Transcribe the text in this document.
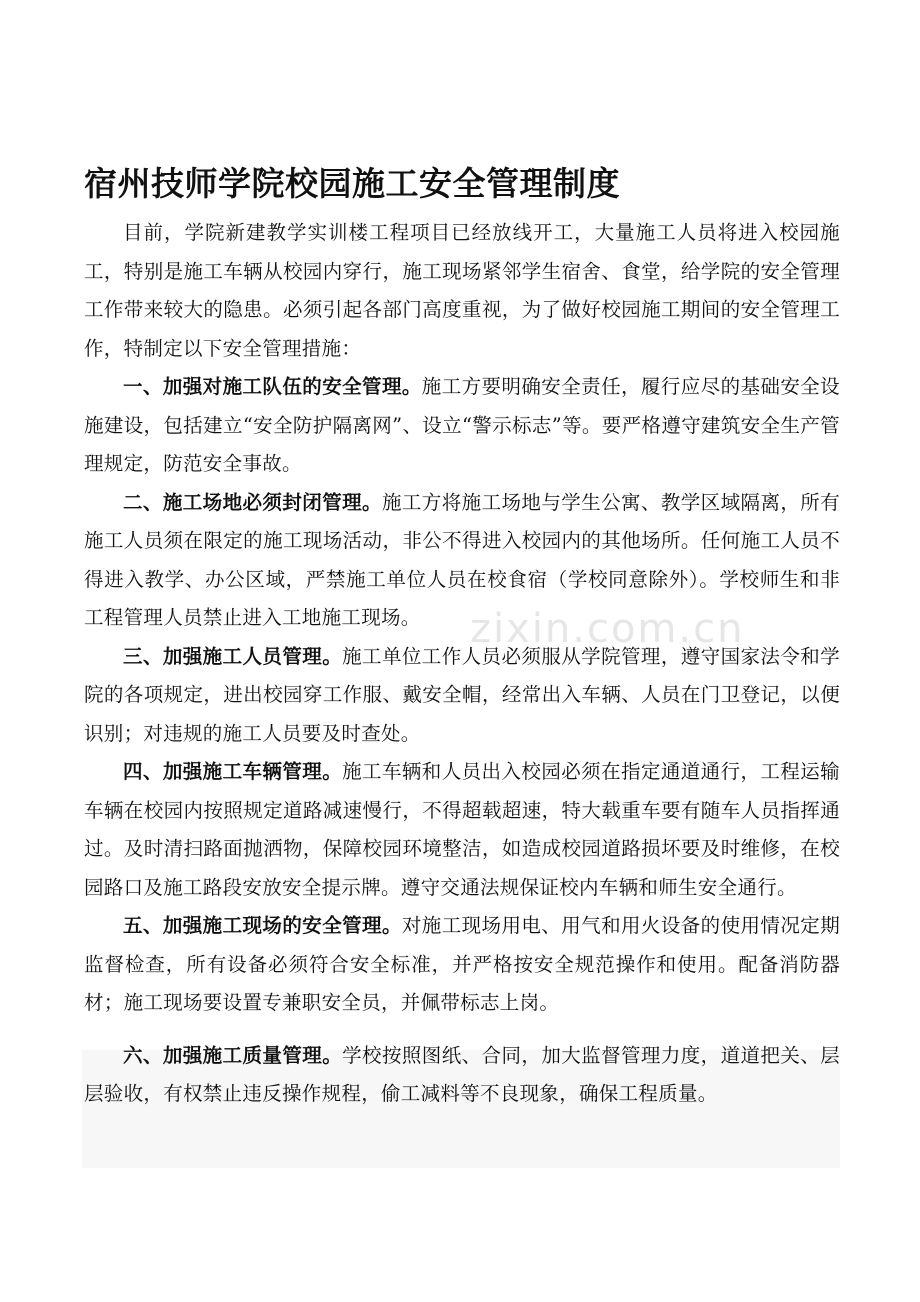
zixin.com.cn
宿州技师学院校园施工安全管理制度

目前，学院新建教学实训楼工程项目已经放线开工，大量施工人员将进入校园施工，特别是施工车辆从校园内穿行，施工现场紧邻学生宿舍、食堂，给学院的安全管理工作带来较大的隐患。必须引起各部门高度重视，为了做好校园施工期间的安全管理工作，特制定以下安全管理措施：

一、加强对施工队伍的安全管理。施工方要明确安全责任，履行应尽的基础安全设施建设，包括建立“安全防护隔离网”、设立“警示标志”等。要严格遵守建筑安全生产管理规定，防范安全事故。

二、施工场地必须封闭管理。施工方将施工场地与学生公寓、教学区域隔离，所有施工人员须在限定的施工现场活动，非公不得进入校园内的其他场所。任何施工人员不得进入教学、办公区域，严禁施工单位人员在校食宿（学校同意除外）。学校师生和非工程管理人员禁止进入工地施工现场。

三、加强施工人员管理。施工单位工作人员必须服从学院管理，遵守国家法令和学院的各项规定，进出校园穿工作服、戴安全帽，经常出入车辆、人员在门卫登记，以便识别；对违规的施工人员要及时查处。

四、加强施工车辆管理。施工车辆和人员出入校园必须在指定通道通行，工程运输车辆在校园内按照规定道路减速慢行，不得超载超速，特大载重车要有随车人员指挥通过。及时清扫路面抛洒物，保障校园环境整洁，如造成校园道路损坏要及时维修，在校园路口及施工路段安放安全提示牌。遵守交通法规保证校内车辆和师生安全通行。

五、加强施工现场的安全管理。对施工现场用电、用气和用火设备的使用情况定期监督检查，所有设备必须符合安全标准，并严格按安全规范操作和使用。配备消防器材；施工现场要设置专兼职安全员，并佩带标志上岗。

六、加强施工质量管理。学校按照图纸、合同，加大监督管理力度，道道把关、层层验收，有权禁止违反操作规程，偷工减料等不良现象，确保工程质量。
